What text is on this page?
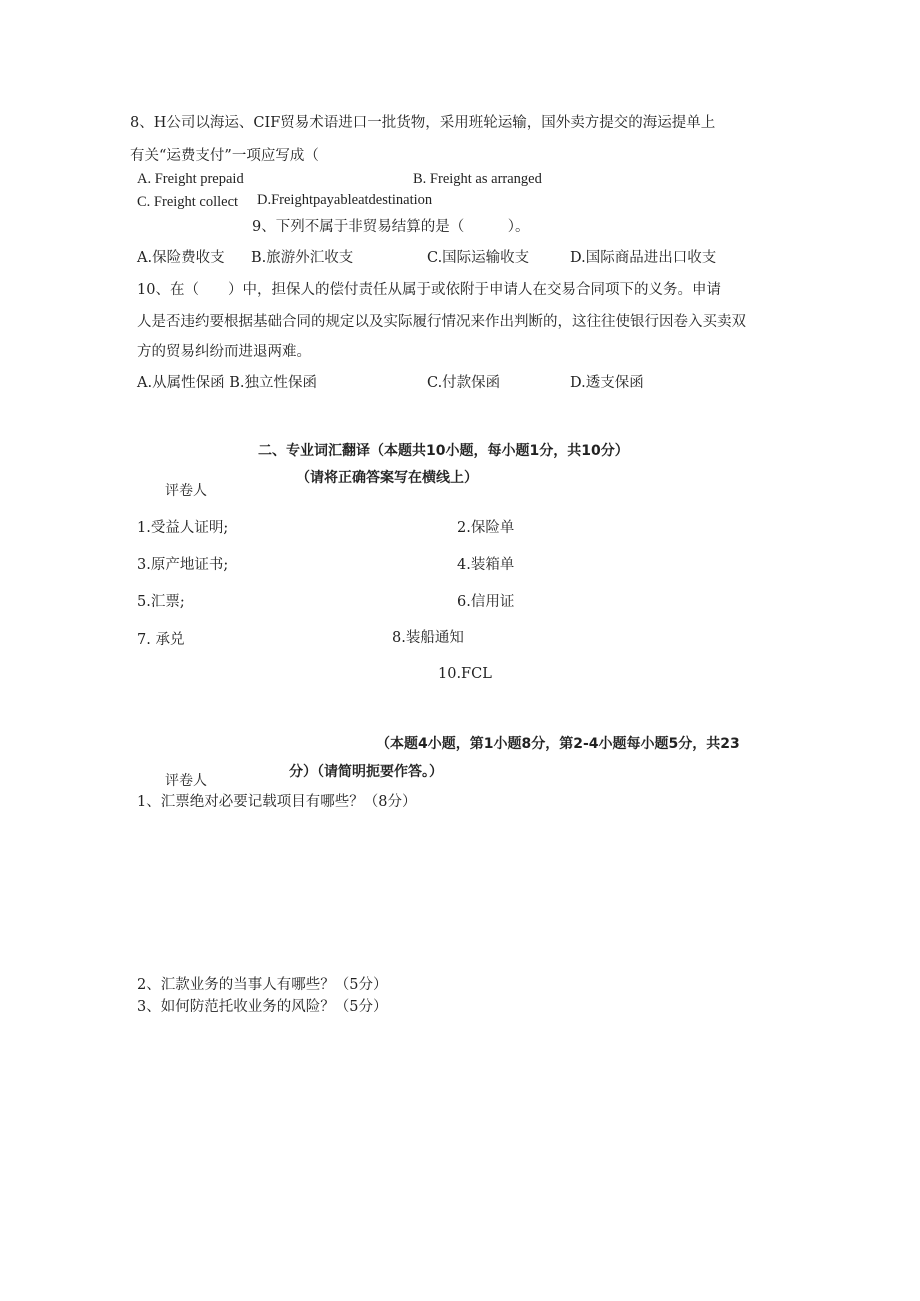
8、H公司以海运、CIF贸易术语进口一批货物，采用班轮运输，国外卖方提交的海运提单上
有关“运费支付”一项应写成（
A. Freight prepaid	B. Freight as arranged
C. Freight collect D.Freightpayableatdestination
9、下列不属于非贸易结算的是（　　　）。
A.保险费收支 B.旅游外汇收支	C.国际运输收支	D.国际商品进出口收支
10、在（　　）中，担保人的偿付责任从属于或依附于申请人在交易合同项下的义务。申请
人是否违约要根据基础合同的规定以及实际履行情况来作出判断的，这往往使银行因卷入买卖双
方的贸易纠纷而进退两难。
A.从属性保函 B.独立性保函	C.付款保函	D.透支保函
二、专业词汇翻译（本题共10小题，每小题1分，共10分）
（请将正确答案写在横线上）
评卷人
1.受益人证明;	2.保险单
3.原产地证书;	4.装箱单
5.汇票;	6.信用证
7. 承兑	8.装船通知
10.FCL
（本题4小题，第1小题8分，第2-4小题每小题5分，共23
分）（请简明扼要作答。）
评卷人
1、汇票绝对必要记载项目有哪些？（8分）
2、汇款业务的当事人有哪些？（5分）
3、如何防范托收业务的风险？（5分）
